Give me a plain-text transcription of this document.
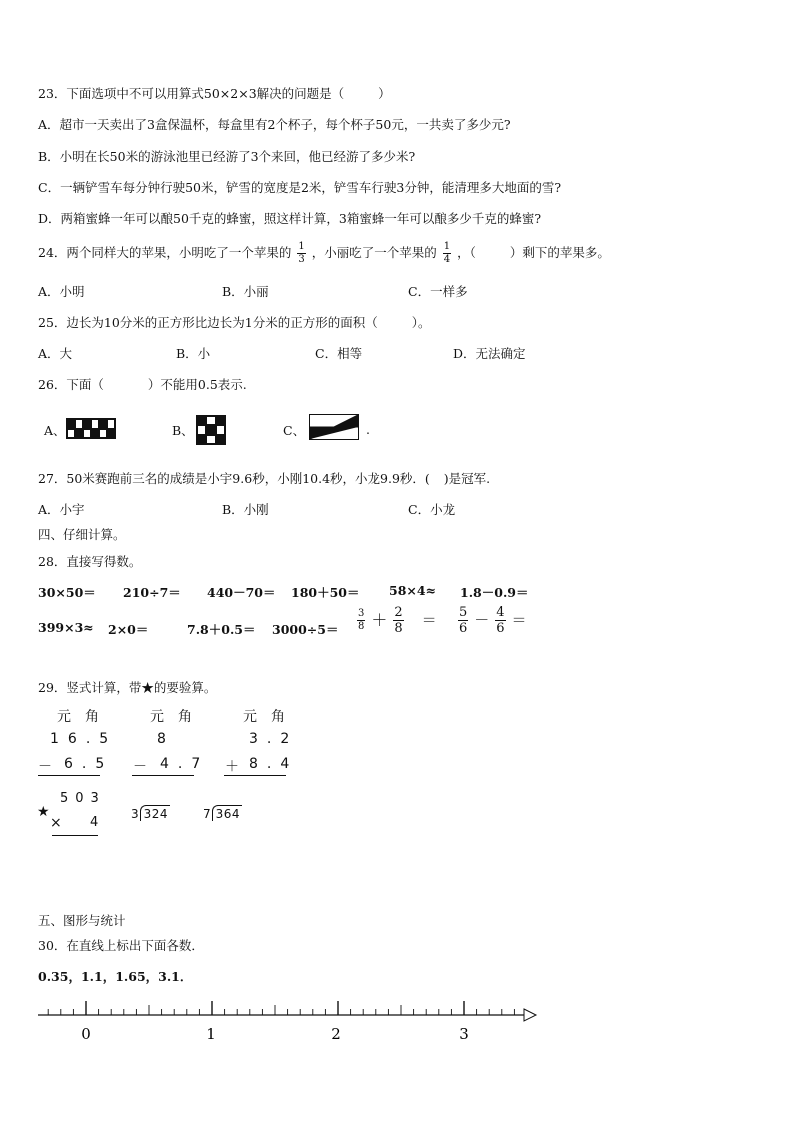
23．下面选项中不可以用算式50×2×3解决的问题是（	）
A．超市一天卖出了3盒保温杯，每盒里有2个杯子，每个杯子50元，一共卖了多少元?
B．小明在长50米的游泳池里已经游了3个来回，他已经游了多少米?
C．一辆铲雪车每分钟行驶50米，铲雪的宽度是2米，铲雪车行驶3分钟，能清理多大地面的雪?
D．两箱蜜蜂一年可以酿50千克的蜂蜜，照这样计算，3箱蜜蜂一年可以酿多少千克的蜂蜜?
24．两个同样大的苹果，小明吃了一个苹果的 $\frac{1}{3}$ ，小丽吃了一个苹果的 $\frac{1}{4}$ ，（	）剩下的苹果多。
A．小明	B．小丽	C．一样多
25．边长为10分米的正方形比边长为1分米的正方形的面积（	）。
A．大	B．小	C．相等	D．无法确定
26．下面（	）不能用0.5表示.
A、	B、	C、	.
27．50米赛跑前三名的成绩是小宇9.6秒，小刚10.4秒，小龙9.9秒．( )是冠军.
A．小宇	B．小刚	C．小龙
四、仔细计算。
28．直接写得数。
30×50＝ 210÷7＝ 440－70＝ 180＋50＝ 58×4≈ 1.8－0.9＝
399×3≈ 2×0＝	$7.8+0.5= 3000\div 5= \frac{3}{8} + \frac{2}{8} = \frac{5}{6} - \frac{4}{6}$ ＝
29．竖式计算，带★的要验算。
元 角
16.5
－ 6.5
元 角
8
－ 4.7
元 角
3.2
＋ 8.4
★
503
× 4
3 324	7 364
五、图形与统计
30．在直线上标出下面各数．
0.35，1.1，1.65，3.1．
0	1	2	3
